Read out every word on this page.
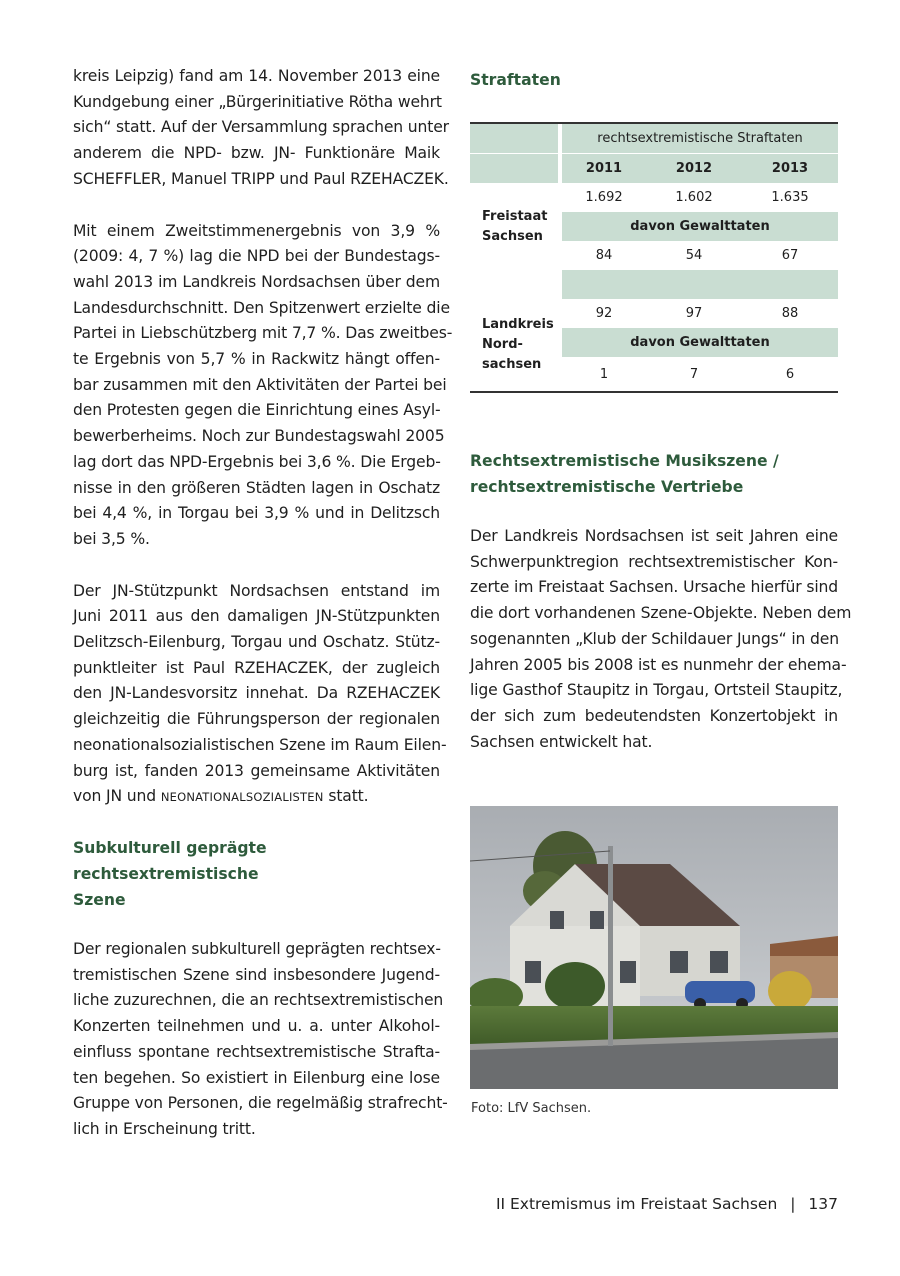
kreis Leipzig) fand am 14. November 2013 eine
Kundgebung einer „Bürgerinitiative Rötha wehrt
sich“ statt. Auf der Versammlung sprachen unter
anderem die NPD- bzw. JN- Funktionäre Maik
SCHEFFLER, Manuel TRIPP und Paul RZEHACZEK.

Mit einem Zweitstimmenergebnis von 3,9 %
(2009: 4, 7 %) lag die NPD bei der Bundestags-
wahl 2013 im Landkreis Nordsachsen über dem
Landesdurchschnitt. Den Spitzenwert erzielte die
Partei in Liebschützberg mit 7,7 %. Das zweitbes-
te Ergebnis von 5,7 % in Rackwitz hängt offen-
bar zusammen mit den Aktivitäten der Partei bei
den Protesten gegen die Einrichtung eines Asyl-
bewerberheims. Noch zur Bundestagswahl 2005
lag dort das NPD-Ergebnis bei 3,6 %. Die Ergeb-
nisse in den größeren Städten lagen in Oschatz
bei 4,4 %, in Torgau bei 3,9 % und in Delitzsch
bei 3,5 %.

Der JN-Stützpunkt Nordsachsen entstand im
Juni 2011 aus den damaligen JN-Stützpunkten
Delitzsch-Eilenburg, Torgau und Oschatz. Stütz-
punktleiter ist Paul RZEHACZEK, der zugleich
den JN-Landesvorsitz innehat. Da RZEHACZEK
gleichzeitig die Führungsperson der regionalen
neonationalsozialistischen Szene im Raum Eilen-
burg ist, fanden 2013 gemeinsame Aktivitäten
von JN und NEONATIONALSOZIALISTEN statt.

Subkulturell geprägte rechtsextremistische
Szene

Der regionalen subkulturell geprägten rechtsex-
tremistischen Szene sind insbesondere Jugend-
liche zuzurechnen, die an rechtsextremistischen
Konzerten teilnehmen und u. a. unter Alkohol-
einfluss spontane rechtsextremistische Strafta-
ten begehen. So existiert in Eilenburg eine lose
Gruppe von Personen, die regelmäßig strafrecht-
lich in Erscheinung tritt.

Straftaten
		rechtsextremistische Straftaten		
		2011	2012	2013

Freistaat
Sachsen		1.692	1.602	1.635
		davon Gewalttaten		
		84	54	67

Landkreis
Nord-
sachsen		92	97	88
		davon Gewalttaten		
		1	7	6
Rechtsextremistische Musikszene /
rechtsextremistische Vertriebe

Der Landkreis Nordsachsen ist seit Jahren eine
Schwerpunktregion rechtsextremistischer Kon-
zerte im Freistaat Sachsen. Ursache hierfür sind
die dort vorhandenen Szene-Objekte. Neben dem
sogenannten „Klub der Schildauer Jungs“ in den
Jahren 2005 bis 2008 ist es nunmehr der ehema-
lige Gasthof Staupitz in Torgau, Ortsteil Staupitz,
der sich zum bedeutendsten Konzertobjekt in
Sachsen entwickelt hat.

Foto: LfV Sachsen.
II Extremismus im Freistaat Sachsen | 137
